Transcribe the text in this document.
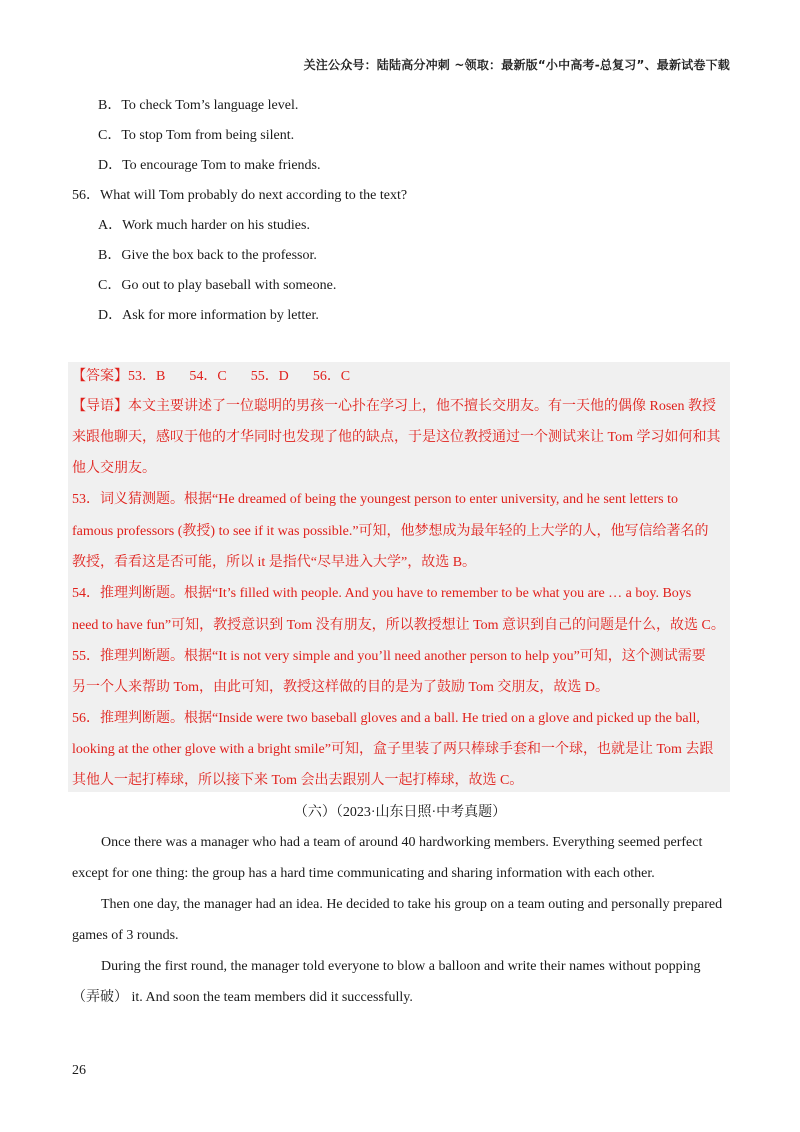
关注公众号：陆陆高分冲刺 ~领取：最新版“小中高考-总复习”、最新试卷下载
B．To check Tom’s language level.
C．To stop Tom from being silent.
D．To encourage Tom to make friends.
56．What will Tom probably do next according to the text?
A．Work much harder on his studies.
B．Give the box back to the professor.
C．Go out to play baseball with someone.
D．Ask for more information by letter.
【答案】53．B 54．C 55．D 56．C
【导语】本文主要讲述了一位聪明的男孩一心扑在学习上，他不擅长交朋友。有一天他的偶像 Rosen 教授
来跟他聊天，感叹于他的才华同时也发现了他的缺点，于是这位教授通过一个测试来让 Tom 学习如何和其
他人交朋友。
53．词义猜测题。根据“He dreamed of being the youngest person to enter university, and he sent letters to
famous professors (教授) to see if it was possible.”可知，他梦想成为最年轻的上大学的人，他写信给著名的
教授，看看这是否可能，所以 it 是指代“尽早进入大学”，故选 B。
54．推理判断题。根据“It’s filled with people. And you have to remember to be what you are … a boy. Boys
need to have fun”可知，教授意识到 Tom 没有朋友，所以教授想让 Tom 意识到自己的问题是什么，故选 C。
55．推理判断题。根据“It is not very simple and you’ll need another person to help you”可知，这个测试需要
另一个人来帮助 Tom，由此可知，教授这样做的目的是为了鼓励 Tom 交朋友，故选 D。
56．推理判断题。根据“Inside were two baseball gloves and a ball. He tried on a glove and picked up the ball,
looking at the other glove with a bright smile”可知，盒子里装了两只棒球手套和一个球，也就是让 Tom 去跟
其他人一起打棒球，所以接下来 Tom 会出去跟别人一起打棒球，故选 C。
（六）（2023·山东日照·中考真题）
Once there was a manager who had a team of around 40 hardworking members. Everything seemed perfect
except for one thing: the group has a hard time communicating and sharing information with each other.
Then one day, the manager had an idea. He decided to take his group on a team outing and personally prepared
games of 3 rounds.
During the first round, the manager told everyone to blow a balloon and write their names without popping
（弄破） it. And soon the team members did it successfully.
26
